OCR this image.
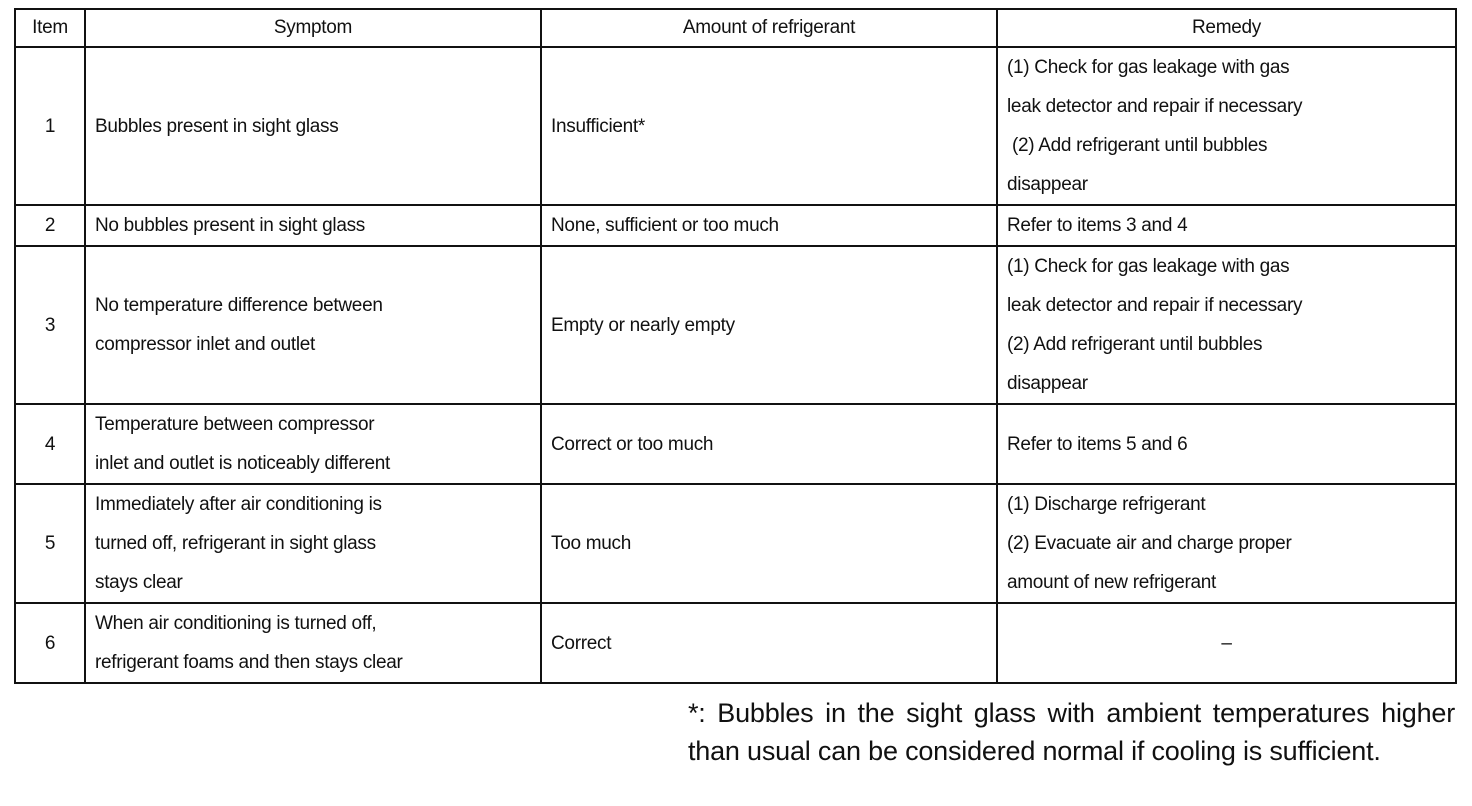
Item	Symptom	Amount of refrigerant	Remedy
1	Bubbles present in sight glass	Insufficient*	(1) Check for gas leakage with gas
leak detector and repair if necessary
(2) Add refrigerant until bubbles
disappear

2	No bubbles present in sight glass	None, sufficient or too much	Refer to items 3 and 4

3	No temperature difference between
compressor inlet and outlet	Empty or nearly empty	(1) Check for gas leakage with gas
leak detector and repair if necessary
(2) Add refrigerant until bubbles
disappear

4	Temperature between compressor
inlet and outlet is noticeably different	Correct or too much	Refer to items 5 and 6

5	Immediately after air conditioning is
turned off, refrigerant in sight glass
stays clear	Too much	(1) Discharge refrigerant
(2) Evacuate air and charge proper
amount of new refrigerant

6	When air conditioning is turned off,
refrigerant foams and then stays clear	Correct	–
*: Bubbles in the sight glass with ambient temperatures higher than usual can be considered normal if cooling is sufficient.
